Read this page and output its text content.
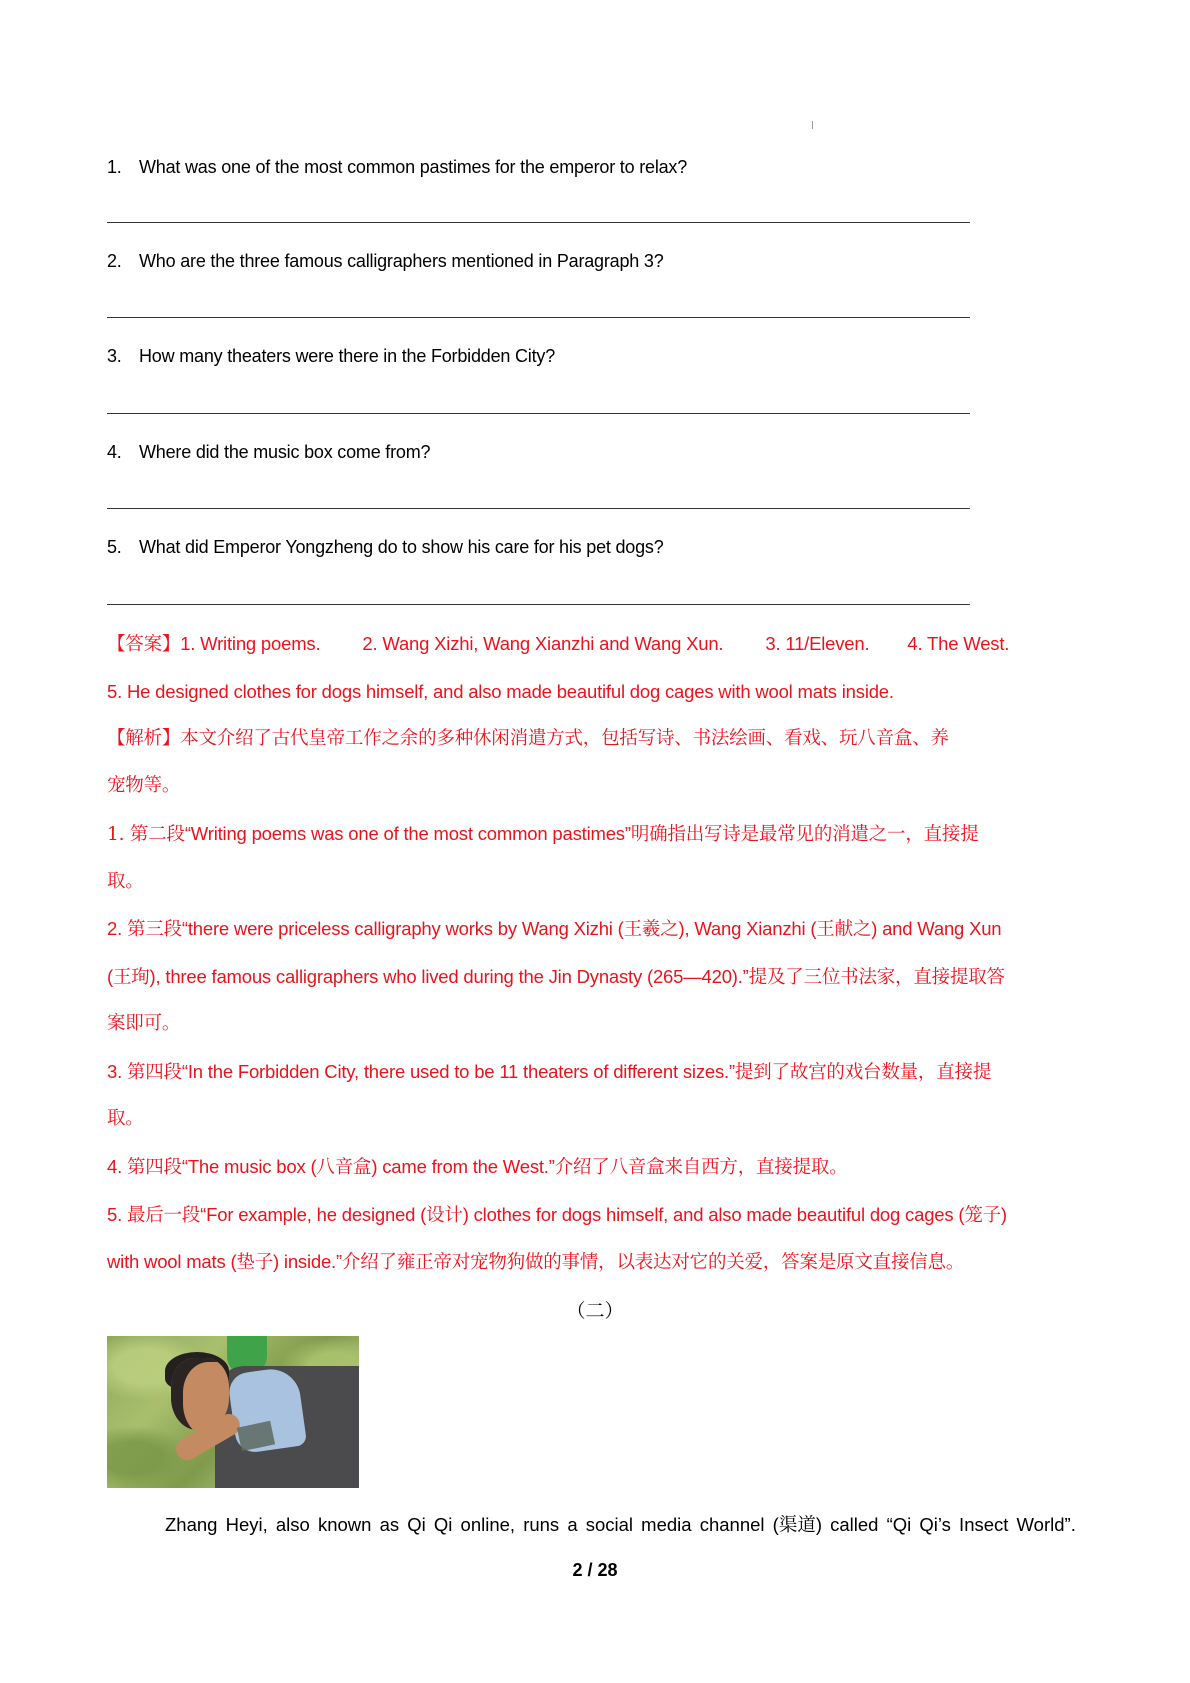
1. What was one of the most common pastimes for the emperor to relax?
2. Who are the three famous calligraphers mentioned in Paragraph 3?
3. How many theaters were there in the Forbidden City?
4. Where did the music box come from?
5. What did Emperor Yongzheng do to show his care for his pet dogs?
【答案】1. Writing poems. 2. Wang Xizhi, Wang Xianzhi and Wang Xun. 3. 11/Eleven. 4. The West.
5. He designed clothes for dogs himself, and also made beautiful dog cages with wool mats inside.
【解析】本文介绍了古代皇帝工作之余的多种休闲消遣方式，包括写诗、书法绘画、看戏、玩八音盒、养
宠物等。
1. 第二段“Writing poems was one of the most common pastimes”明确指出写诗是最常见的消遣之一，直接提
取。
2. 第三段“there were priceless calligraphy works by Wang Xizhi (王羲之), Wang Xianzhi (王献之) and Wang Xun
(王珣), three famous calligraphers who lived during the Jin Dynasty (265—420).”提及了三位书法家，直接提取答
案即可。
3. 第四段“In the Forbidden City, there used to be 11 theaters of different sizes.”提到了故宫的戏台数量，直接提
取。
4. 第四段“The music box (八音盒) came from the West.”介绍了八音盒来自西方，直接提取。
5. 最后一段“For example, he designed (设计) clothes for dogs himself, and also made beautiful dog cages (笼子)
with wool mats (垫子) inside.”介绍了雍正帝对宠物狗做的事情，以表达对它的关爱，答案是原文直接信息。
（二）
Zhang Heyi, also known as Qi Qi online, runs a social media channel (渠道) called “Qi Qi’s Insect World”.
2 / 28
